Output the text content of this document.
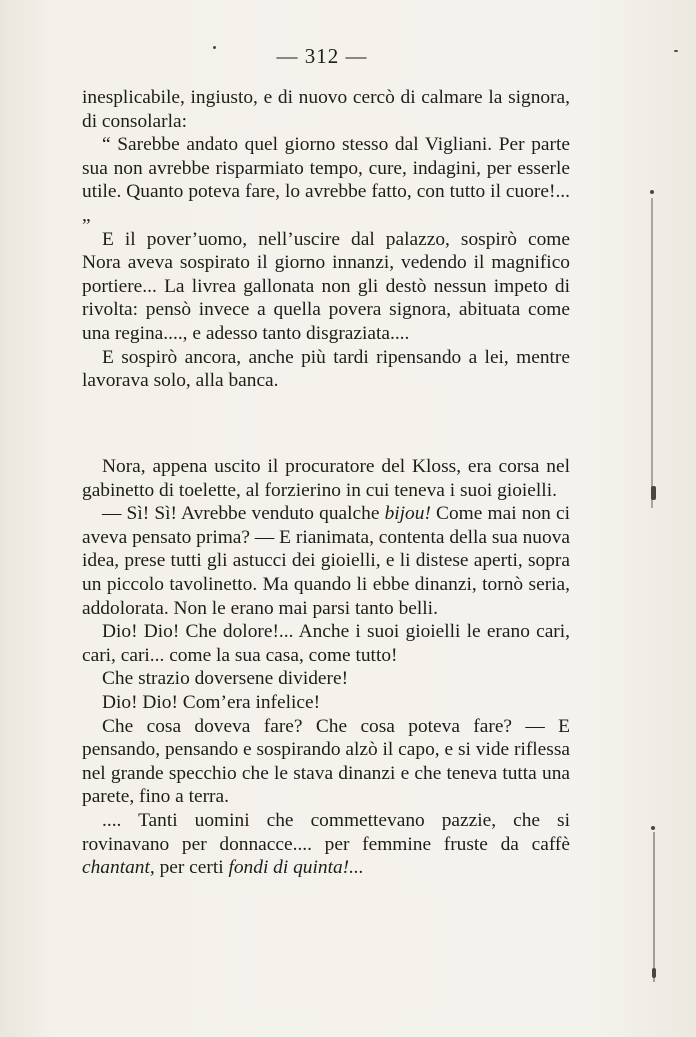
— 312 —

inesplicabile, ingiusto, e di nuovo cercò di calmare la signora, di consolarla:

“ Sarebbe andato quel giorno stesso dal Vigliani. Per parte sua non avrebbe risparmiato tempo, cure, indagini, per esserle utile. Quanto poteva fare, lo avrebbe fatto, con tutto il cuore!... „

E il pover’uomo, nell’uscire dal palazzo, sospirò come Nora aveva sospirato il giorno innanzi, vedendo il magnifico portiere... La livrea gallonata non gli destò nessun impeto di rivolta: pensò invece a quella povera signora, abituata come una regina...., e adesso tanto disgraziata....

E sospirò ancora, anche più tardi ripensando a lei, mentre lavorava solo, alla banca.

Nora, appena uscito il procuratore del Kloss, era corsa nel gabinetto di toelette, al forzierino in cui teneva i suoi gioielli.

— Sì! Sì! Avrebbe venduto qualche bijou! Come mai non ci aveva pensato prima? — E rianimata, contenta della sua nuova idea, prese tutti gli astucci dei gioielli, e li distese aperti, sopra un piccolo tavolinetto. Ma quando li ebbe dinanzi, tornò seria, addolorata. Non le erano mai parsi tanto belli.

Dio! Dio! Che dolore!... Anche i suoi gioielli le erano cari, cari, cari... come la sua casa, come tutto!

Che strazio doversene dividere!

Dio! Dio! Com’era infelice!

Che cosa doveva fare? Che cosa poteva fare? — E pensando, pensando e sospirando alzò il capo, e si vide riflessa nel grande specchio che le stava dinanzi e che teneva tutta una parete, fino a terra.

.... Tanti uomini che commettevano pazzie, che si rovinavano per donnacce.... per femmine fruste da caffè chantant, per certi fondi di quinta!...
